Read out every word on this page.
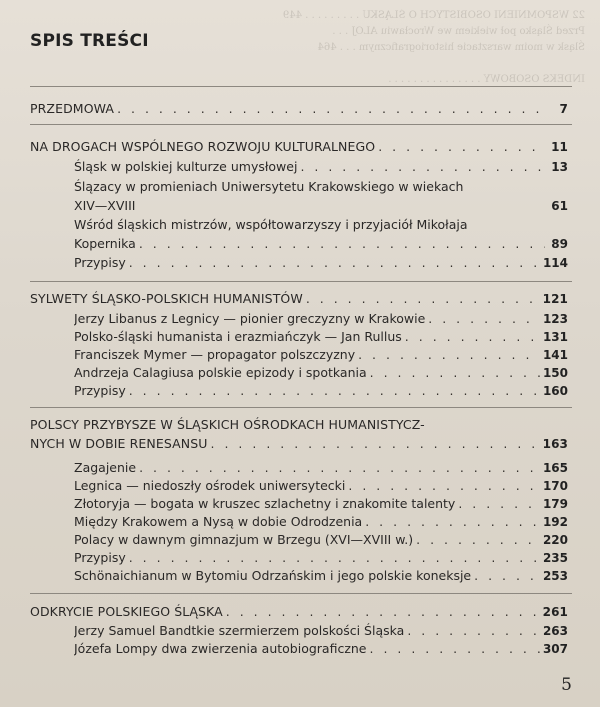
22 WSPOMNIENI OSOBISTYCH O ŚLĄSKU . . . . . . . . . 449
Przed Śląsko poł wiekiem we Wrocławiu ALOJ . . .
Śląsk w moim warsztacie historiograficznym . . . 464

INDEKS OSOBOWY . . . . . . . . . . . . . . .
SPIS TREŚCI
PRZEDMOWA . . .	7
NA DROGACH WSPÓLNEGO ROZWOJU KULTURALNEGO . . .	11
Śląsk w polskiej kulturze umysłowej . . .	13
Ślązacy w promieniach Uniwersytetu Krakowskiego w wiekach
XIV—XVIII	61
Wśród śląskich mistrzów, współtowarzyszy i przyjaciół Mikołaja
Kopernika . . .	89
Przypisy . . .	114
SYLWETY ŚLĄSKO-POLSKICH HUMANISTÓW . . .	121
Jerzy Libanus z Legnicy — pionier greczyzny w Krakowie . . .	123
Polsko-śląski humanista i erazmiańczyk — Jan Rullus . . .	131
Franciszek Mymer — propagator polszczyzny . . .	141
Andrzeja Calagiusa polskie epizody i spotkania . . .	150
Przypisy . . .	160
POLSCY PRZYBYSZE W ŚLĄSKICH OŚRODKACH HUMANISTYCZ-
NYCH W DOBIE RENESANSU . . .	163
Zagajenie . . .	165
Legnica — niedoszły ośrodek uniwersytecki . . .	170
Złotoryja — bogata w kruszec szlachetny i znakomite talenty . . .	179
Między Krakowem a Nysą w dobie Odrodzenia . . .	192
Polacy w dawnym gimnazjum w Brzegu (XVI—XVIII w.) . . .	220
Przypisy . . .	235
Schönaichianum w Bytomiu Odrzańskim i jego polskie koneksje . . .	253
ODKRYCIE POLSKIEGO ŚLĄSKA . . .	261
Jerzy Samuel Bandtkie szermierzem polskości Śląska . . .	263
Józefa Lompy dwa zwierzenia autobiograficzne . . .	307
5
